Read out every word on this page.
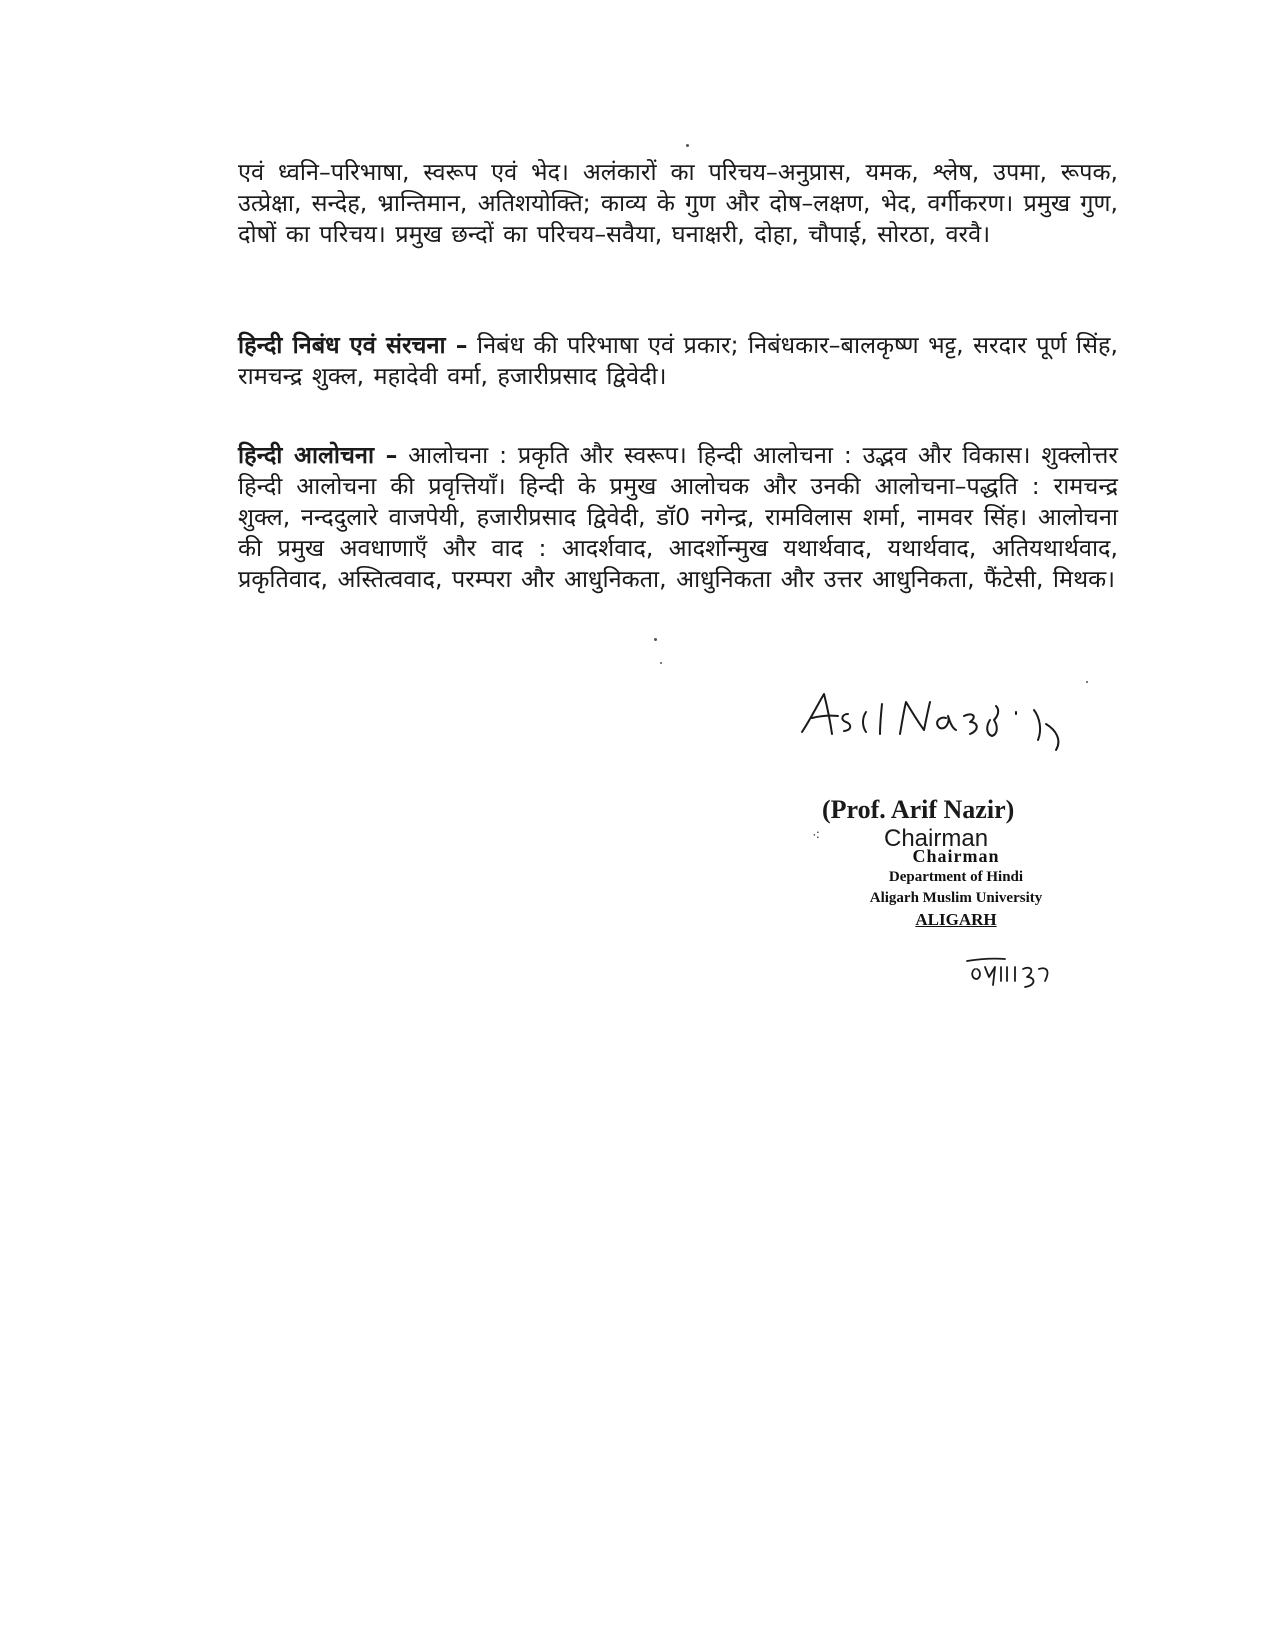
एवं ध्वनि–परिभाषा, स्वरूप एवं भेद। अलंकारों का परिचय–अनुप्रास, यमक, श्लेष, उपमा, रूपक, उत्प्रेक्षा, सन्देह, भ्रान्तिमान, अतिशयोक्ति; काव्य के गुण और दोष–लक्षण, भेद, वर्गीकरण। प्रमुख गुण, दोषों का परिचय। प्रमुख छन्दों का परिचय–सवैया, घनाक्षरी, दोहा, चौपाई, सोरठा, वरवै।

हिन्दी निबंध एवं संरचना – निबंध की परिभाषा एवं प्रकार; निबंधकार–बालकृष्ण भट्ट, सरदार पूर्ण सिंह, रामचन्द्र शुक्ल, महादेवी वर्मा, हजारीप्रसाद द्विवेदी।

हिन्दी आलोचना – आलोचना : प्रकृति और स्वरूप। हिन्दी आलोचना : उद्भव और विकास। शुक्लोत्तर हिन्दी आलोचना की प्रवृत्तियाँ। हिन्दी के प्रमुख आलोचक और उनकी आलोचना–पद्धति : रामचन्द्र शुक्ल, नन्ददुलारे वाजपेयी, हजारीप्रसाद द्विवेदी, डॉ0 नगेन्द्र, रामविलास शर्मा, नामवर सिंह। आलोचना की प्रमुख अवधाणाएँ और वाद : आदर्शवाद, आदर्शोन्मुख यथार्थवाद, यथार्थवाद, अतियथार्थवाद, प्रकृतिवाद, अस्तित्ववाद, परम्परा और आधुनिकता, आधुनिकता और उत्तर आधुनिकता, फैंटेसी, मिथक।

(Prof. Arif Nazir)
⁖	Chairman
Chairman
Department of Hindi
Aligarh Muslim University
ALIGARH
